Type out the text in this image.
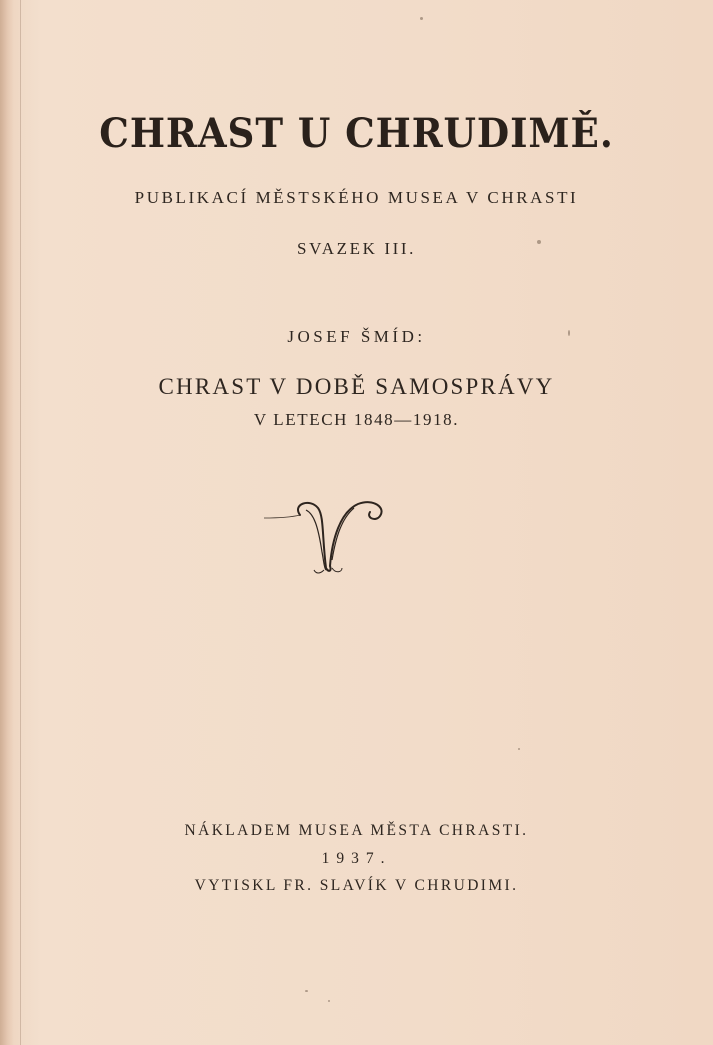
CHRAST U CHRUDIMĚ.
PUBLIKACÍ MĚSTSKÉHO MUSEA V CHRASTI
SVAZEK III.
JOSEF ŠMÍD:
CHRAST V DOBĚ SAMOSPRÁVY
V LETECH 1848—1918.
NÁKLADEM MUSEA MĚSTA CHRASTI.
1937.
VYTISKL FR. SLAVÍK V CHRUDIMI.
